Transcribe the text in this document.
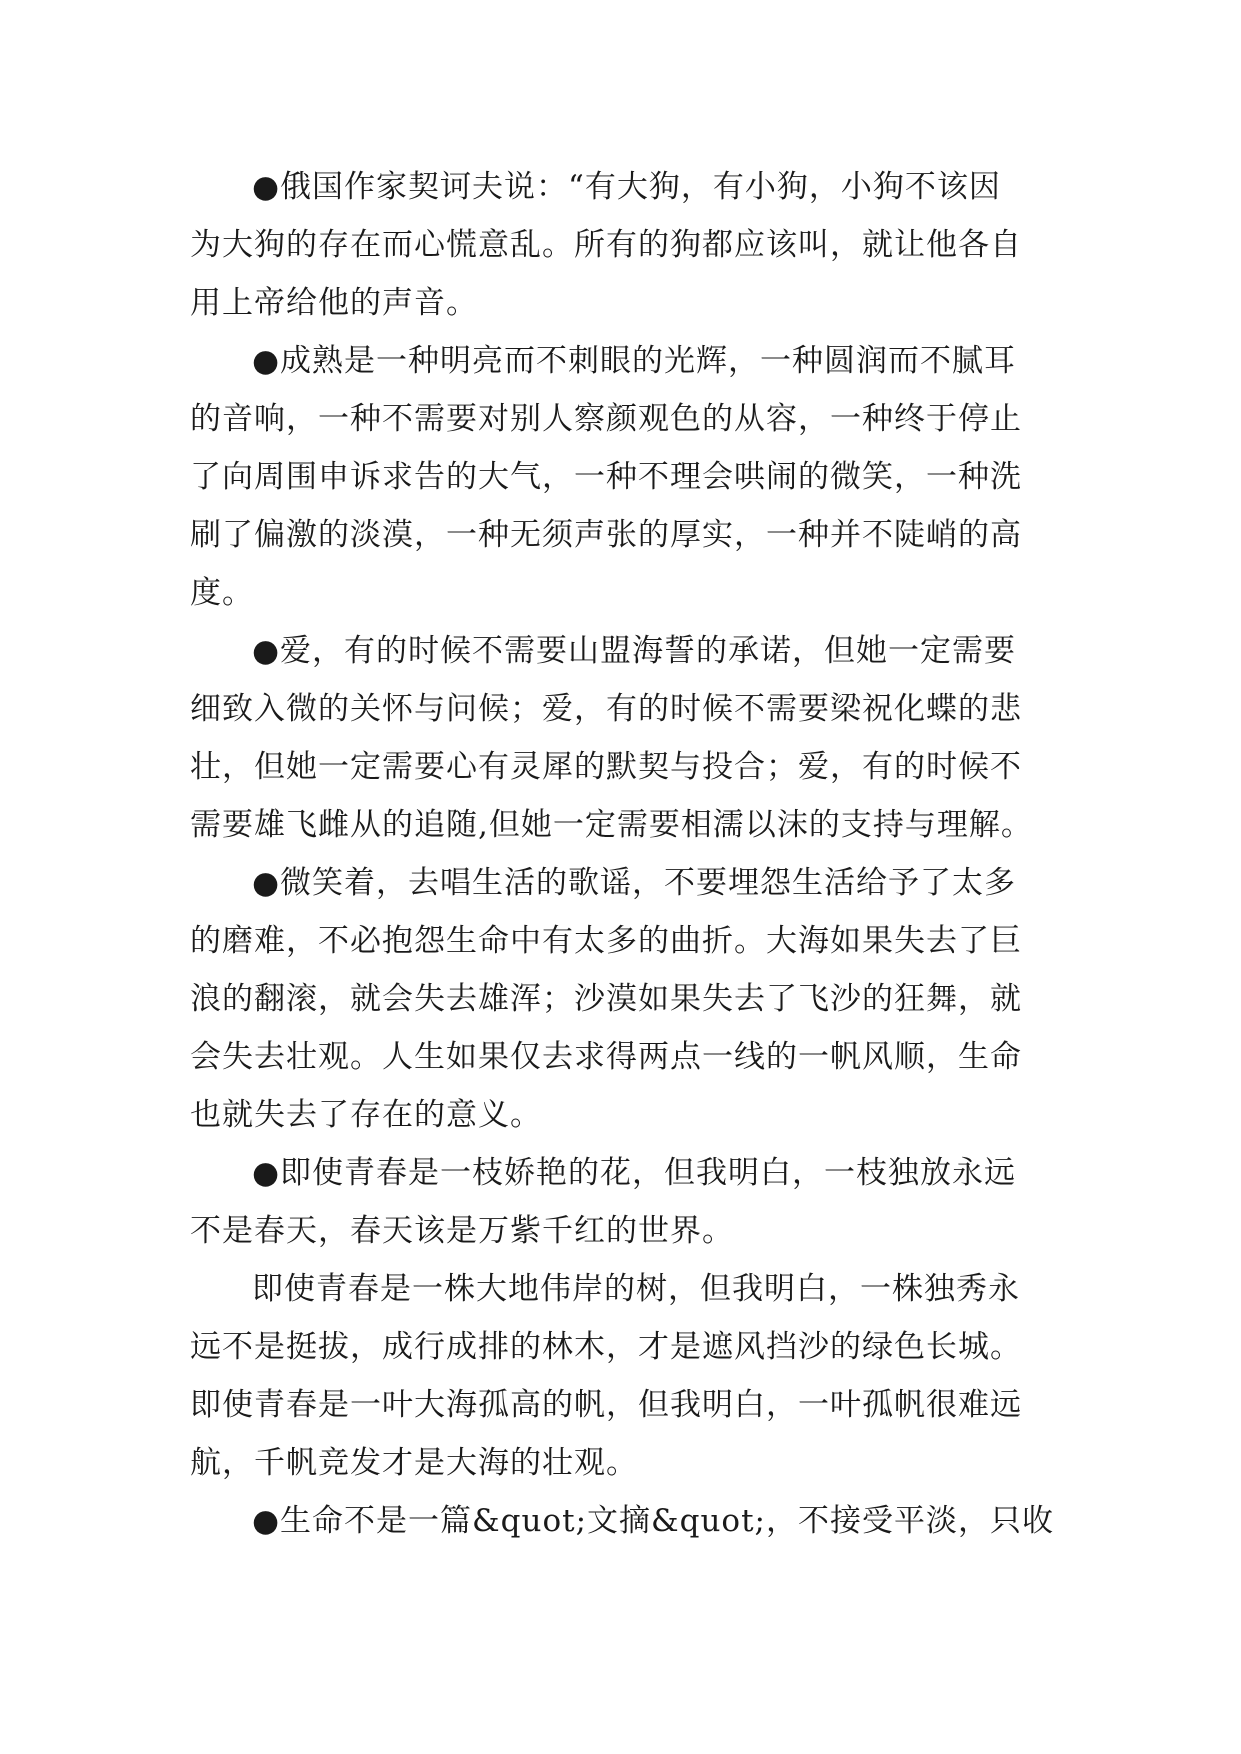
●俄国作家契诃夫说：“有大狗，有小狗，小狗不该因
为大狗的存在而心慌意乱。所有的狗都应该叫，就让他各自
用上帝给他的声音。
●成熟是一种明亮而不刺眼的光辉，一种圆润而不腻耳
的音响，一种不需要对别人察颜观色的从容，一种终于停止
了向周围申诉求告的大气，一种不理会哄闹的微笑，一种洗
刷了偏激的淡漠，一种无须声张的厚实，一种并不陡峭的高
度。
●爱，有的时候不需要山盟海誓的承诺，但她一定需要
细致入微的关怀与问候；爱，有的时候不需要梁祝化蝶的悲
壮，但她一定需要心有灵犀的默契与投合；爱，有的时候不
需要雄飞雌从的追随,但她一定需要相濡以沫的支持与理解。
●微笑着，去唱生活的歌谣，不要埋怨生活给予了太多
的磨难，不必抱怨生命中有太多的曲折。大海如果失去了巨
浪的翻滚，就会失去雄浑；沙漠如果失去了飞沙的狂舞，就
会失去壮观。人生如果仅去求得两点一线的一帆风顺，生命
也就失去了存在的意义。
●即使青春是一枝娇艳的花，但我明白，一枝独放永远
不是春天，春天该是万紫千红的世界。
即使青春是一株大地伟岸的树，但我明白，一株独秀永
远不是挺拔，成行成排的林木，才是遮风挡沙的绿色长城。
即使青春是一叶大海孤高的帆，但我明白，一叶孤帆很难远
航，千帆竞发才是大海的壮观。
●生命不是一篇&quot;文摘&quot;，不接受平淡，只收
